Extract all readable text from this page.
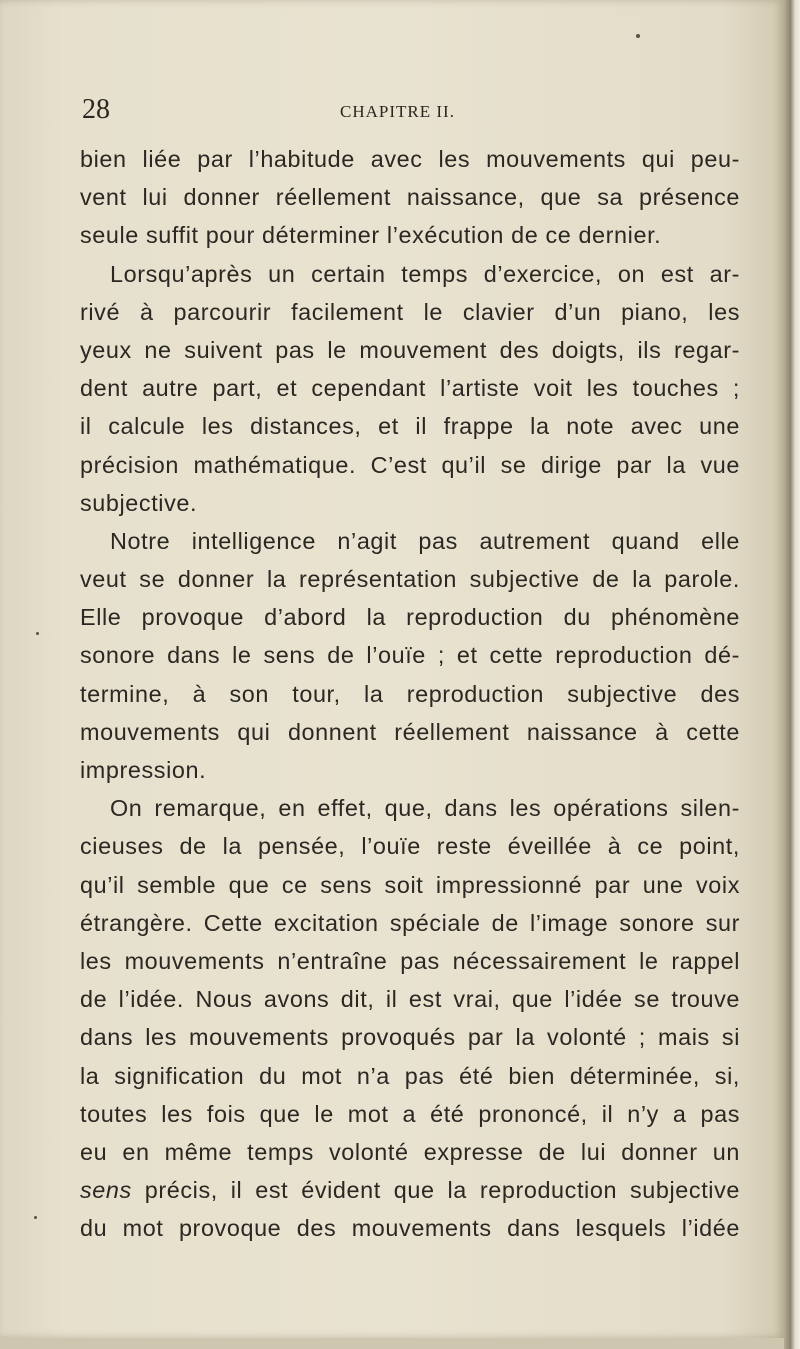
28	CHAPITRE II.
bien liée par l’habitude avec les mouvements qui peu-
vent lui donner réellement naissance, que sa présence
seule suffit pour déterminer l’exécution de ce dernier.
Lorsqu’après un certain temps d’exercice, on est ar-
rivé à parcourir facilement le clavier d’un piano, les
yeux ne suivent pas le mouvement des doigts, ils regar-
dent autre part, et cependant l’artiste voit les touches ;
il calcule les distances, et il frappe la note avec une
précision mathématique. C’est qu’il se dirige par la vue
subjective.
Notre intelligence n’agit pas autrement quand elle
veut se donner la représentation subjective de la parole.
Elle provoque d’abord la reproduction du phénomène
sonore dans le sens de l’ouïe ; et cette reproduction dé-
termine, à son tour, la reproduction subjective des
mouvements qui donnent réellement naissance à cette
impression.
On remarque, en effet, que, dans les opérations silen-
cieuses de la pensée, l’ouïe reste éveillée à ce point,
qu’il semble que ce sens soit impressionné par une voix
étrangère. Cette excitation spéciale de l’image sonore sur
les mouvements n’entraîne pas nécessairement le rappel
de l’idée. Nous avons dit, il est vrai, que l’idée se trouve
dans les mouvements provoqués par la volonté ; mais si
la signification du mot n’a pas été bien déterminée, si,
toutes les fois que le mot a été prononcé, il n’y a pas
eu en même temps volonté expresse de lui donner un
sens précis, il est évident que la reproduction subjective
du mot provoque des mouvements dans lesquels l’idée
